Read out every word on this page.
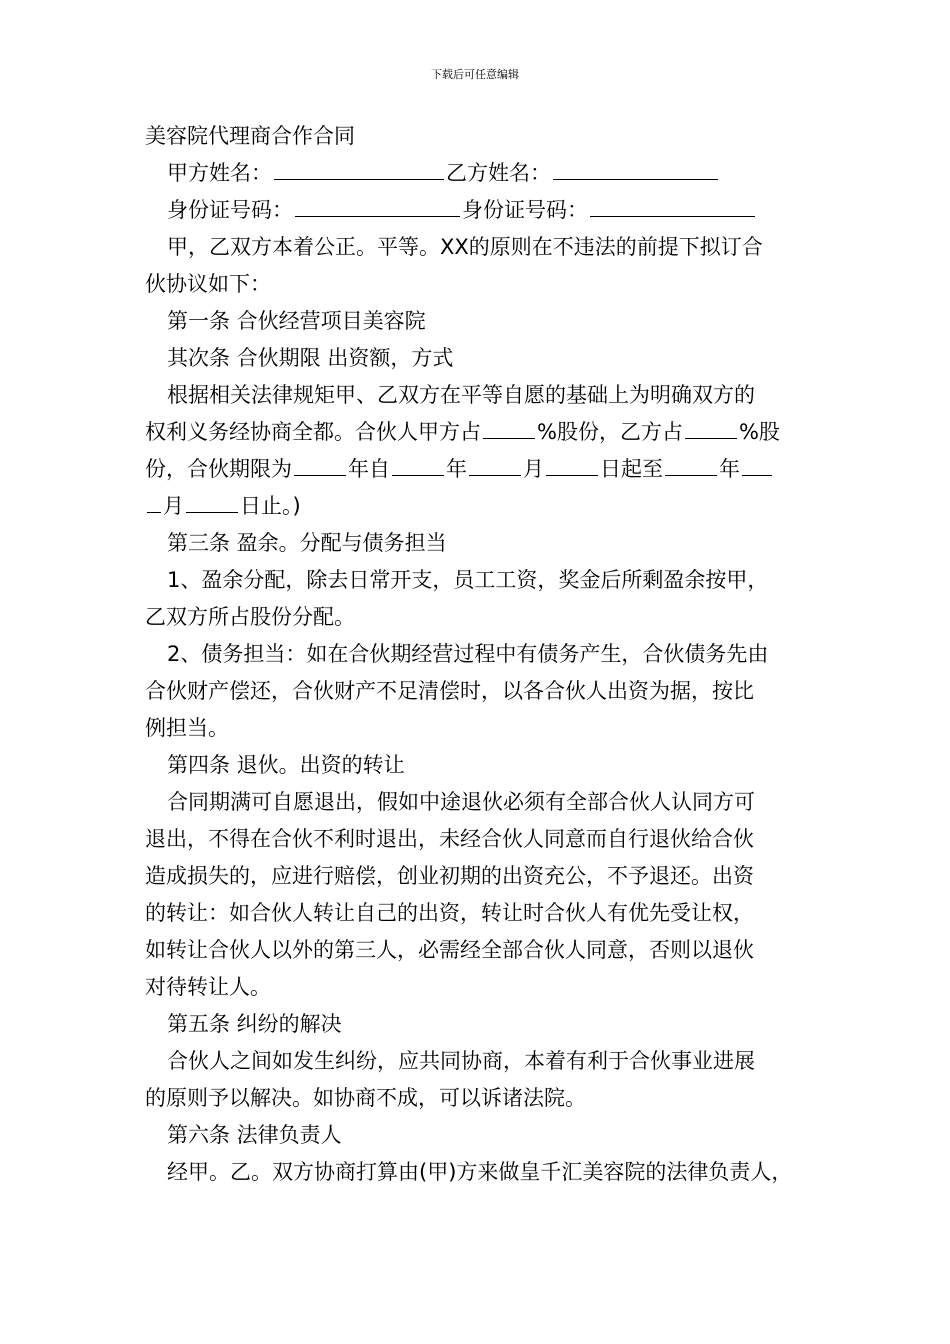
下载后可任意编辑
美容院代理商合作合同
甲方姓名：	乙方姓名：
身份证号码：	身份证号码：
甲，乙双方本着公正。平等。XX的原则在不违法的前提下拟订合
伙协议如下：
第一条 合伙经营项目美容院
其次条 合伙期限 出资额，方式
根据相关法律规矩甲、乙双方在平等自愿的基础上为明确双方的
权利义务经协商全都。合伙人甲方占	%股份，乙方占	%股
份，合伙期限为	年自	年	月	日起至	年
月	日止。)
第三条 盈余。分配与债务担当
1、盈余分配，除去日常开支，员工工资，奖金后所剩盈余按甲，
乙双方所占股份分配。
2、债务担当：如在合伙期经营过程中有债务产生，合伙债务先由
合伙财产偿还，合伙财产不足清偿时，以各合伙人出资为据，按比
例担当。
第四条 退伙。出资的转让
合同期满可自愿退出，假如中途退伙必须有全部合伙人认同方可
退出，不得在合伙不利时退出，未经合伙人同意而自行退伙给合伙
造成损失的，应进行赔偿，创业初期的出资充公，不予退还。出资
的转让：如合伙人转让自己的出资，转让时合伙人有优先受让权，
如转让合伙人以外的第三人，必需经全部合伙人同意，否则以退伙
对待转让人。
第五条 纠纷的解决
合伙人之间如发生纠纷，应共同协商，本着有利于合伙事业进展
的原则予以解决。如协商不成，可以诉诸法院。
第六条 法律负责人
经甲。乙。双方协商打算由(甲)方来做皇千汇美容院的法律负责人，
